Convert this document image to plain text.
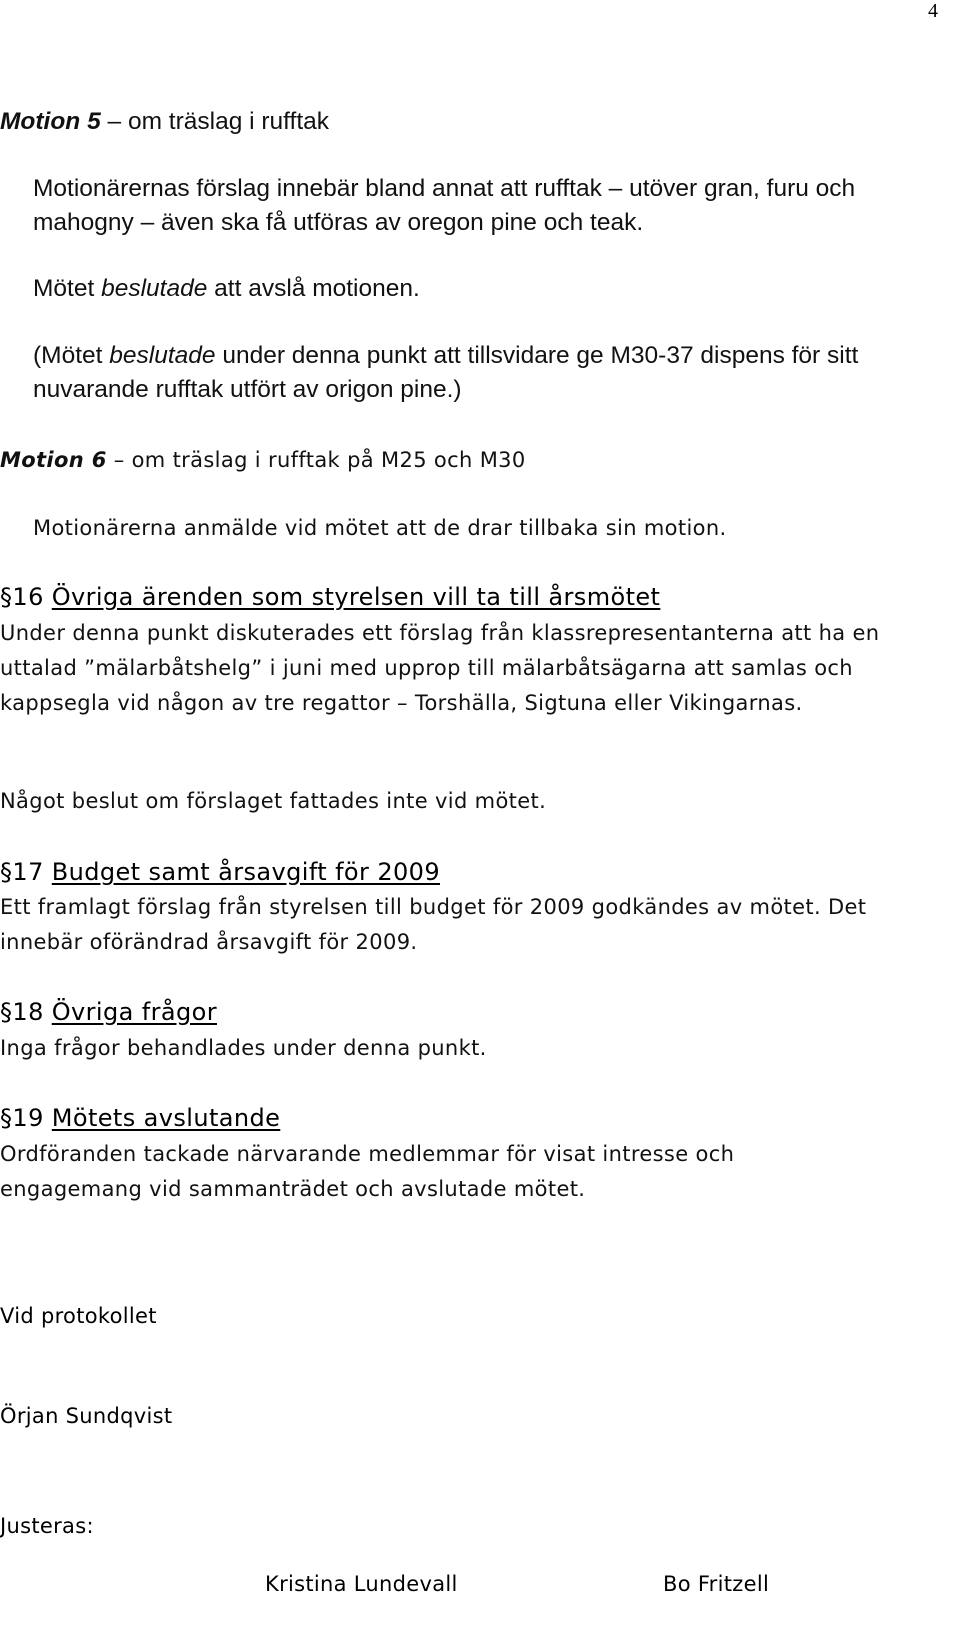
4
Motion 5 – om träslag i rufftak

Motionärernas förslag innebär bland annat att rufftak – utöver gran, furu och mahogny – även ska få utföras av oregon pine och teak.

Mötet beslutade att avslå motionen.

(Mötet beslutade under denna punkt att tillsvidare ge M30-37 dispens för sitt nuvarande rufftak utfört av origon pine.)

Motion 6 – om träslag i rufftak på M25 och M30

Motionärerna anmälde vid mötet att de drar tillbaka sin motion.

§16 Övriga ärenden som styrelsen vill ta till årsmötet

Under denna punkt diskuterades ett förslag från klassrepresentanterna att ha en uttalad ”mälarbåtshelg” i juni med upprop till mälarbåtsägarna att samlas och kappsegla vid någon av tre regattor – Torshälla, Sigtuna eller Vikingarnas.

Något beslut om förslaget fattades inte vid mötet.

§17 Budget samt årsavgift för 2009

Ett framlagt förslag från styrelsen till budget för 2009 godkändes av mötet. Det innebär oförändrad årsavgift för 2009.

§18 Övriga frågor

Inga frågor behandlades under denna punkt.

§19 Mötets avslutande

Ordföranden tackade närvarande medlemmar för visat intresse och engagemang vid sammanträdet och avslutade mötet.

Vid protokollet
Örjan Sundqvist
Justeras:
Kristina Lundevall	Bo Fritzell
